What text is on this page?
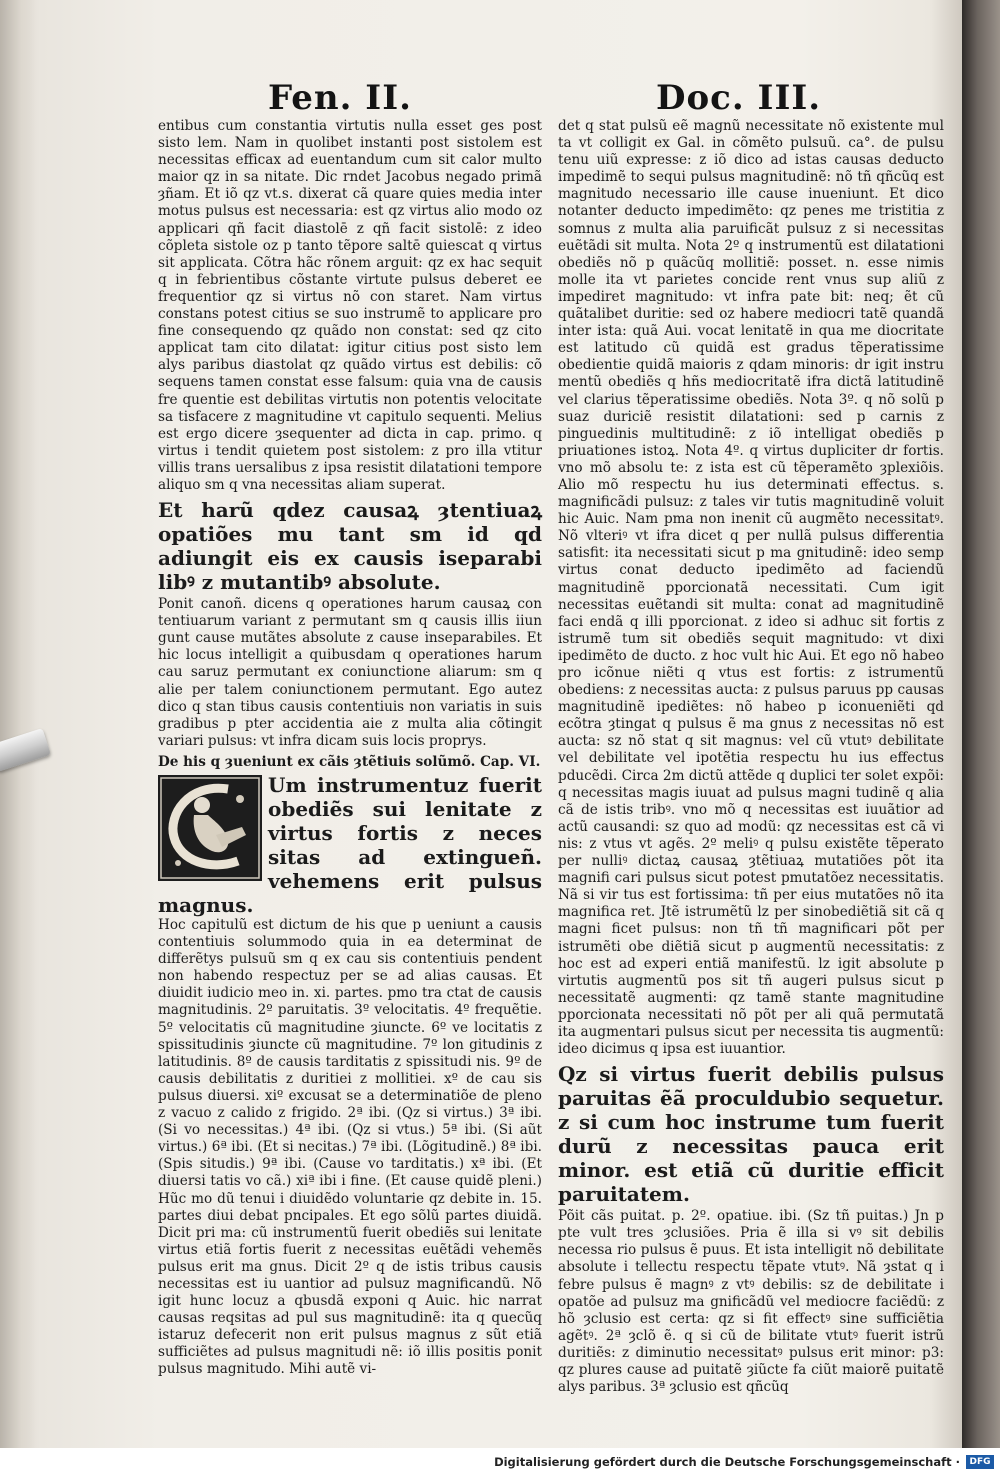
Fen. II.	Doc. III.

entibus cum constantia virtutis nulla esset ges post sisto lem. Nam in quolibet instanti post sistolem est necessitas efficax ad euentandum cum sit calor multo maior qz in sa nitate. Dic rndet Jacobus negado primã ȝñam. Et iõ qz vt.s. dixerat cã quare quies media inter motus pulsus est necessaria: est qz virtus alio modo oz applicari qñ facit diastolē z qñ facit sistolē: z ideo cõpleta sistole oz p tanto tẽpore saltē quiescat q virtus sit applicata. Cõtra hãc rõnem arguit: qz ex hac sequit q in febrientibus cõstante virtute pulsus deberet ee frequentior qz si virtus nõ con staret. Nam virtus constans potest citius se suo instrumẽ to applicare pro fine consequendo qz quãdo non constat: sed qz cito applicat tam cito dilatat: igitur citius post sisto lem alys paribus diastolat qz quãdo virtus est debilis: cõ sequens tamen constat esse falsum: quia vna de causis fre quentie est debilitas virtutis non potentis velocitate sa tisfacere z magnitudine vt capitulo sequenti. Melius est ergo dicere ȝsequenter ad dicta in cap. primo. q virtus i tendit quietem post sistolem: z pro illa vtitur villis trans uersalibus z ipsa resistit dilatationi tempore aliquo sm q vna necessitas aliam superat.

Et harũ qdez causaꝝ ȝtentiuaꝝ opatiões mu tant sm id qd adiungit eis ex causis iseparabi libꝰ z mutantibꝰ absolute.

Ponit canoñ. dicens q operationes harum causaꝝ con tentiuarum variant z permutant sm q causis illis iiun gunt cause mutãtes absolute z cause inseparabiles. Et hic locus intelligit a quibusdam q operationes harum cau saruz permutant ex coniunctione aliarum: sm q alie per talem coniunctionem permutant. Ego autez dico q stan tibus causis contentiuis non variatis in suis gradibus p pter accidentia aie z multa alia cõtingit variari pulsus: vt infra dicam suis locis proprys.

De his q ȝueniunt ex cãis ȝtẽtiuis solũmõ. Cap. VI.

Um instrumentuz fuerit obediẽs sui lenitate z virtus fortis z neces sitas ad extingueñ. vehemens erit pulsus magnus.

Hoc capitulũ est dictum de his que p ueniunt a causis contentiuis solummodo quia in ea determinat de differẽtys pulsuũ sm q ex cau sis contentiuis pendent non habendo respectuz per se ad alias causas. Et diuidit iudicio meo in. xi. partes. pmo tra ctat de causis magnitudinis. 2º paruitatis. 3º velocitatis. 4º frequẽtie. 5º velocitatis cũ magnitudine ȝiuncte. 6º ve locitatis z spissitudinis ȝiuncte cũ magnitudine. 7º lon gitudinis z latitudinis. 8º de causis tarditatis z spissitudi nis. 9º de causis debilitatis z duritiei z mollitiei. xº de cau sis pulsus diuersi. xiº excusat se a determinatiõe de pleno z vacuo z calido z frigido. 2ª ibi. (Qz si virtus.) 3ª ibi. (Si vo necessitas.) 4ª ibi. (Qz si vtus.) 5ª ibi. (Si aũt virtus.) 6ª ibi. (Et si necitas.) 7ª ibi. (Lõgitudinẽ.) 8ª ibi. (Spis situdis.) 9ª ibi. (Cause vo tarditatis.) xª ibi. (Et diuersi tatis vo cã.) xiª ibi i fine. (Et cause quidẽ pleni.) Hũc mo dũ tenui i diuidẽdo voluntarie qz debite in. 15. partes diui debat pncipales. Et ego sõlũ partes diuidã. Dicit pri ma: cũ instrumentũ fuerit obediẽs sui lenitate virtus etiã fortis fuerit z necessitas euẽtãdi vehemẽs pulsus erit ma gnus. Dicit 2º q de istis tribus causis necessitas est iu uantior ad pulsuz magnificandũ. Nõ igit hunc locuz a qbusdã exponi q Auic. hic narrat causas reqsitas ad pul sus magnitudinẽ: ita q quecũq istaruz defecerit non erit pulsus magnus z sũt etiã sufficiẽtes ad pulsus magnitudi nẽ: iõ illis positis ponit pulsus magnitudo. Mihi autẽ vi-

det q stat pulsũ eẽ magnũ necessitate nõ existente mul ta vt colligit ex Gal. in cõmẽto pulsuũ. ca°. de pulsu tenu uiũ expresse: z iõ dico ad istas causas deducto impedimẽ to sequi pulsus magnitudinẽ: nõ tñ qñcũq est magnitudo necessario ille cause inueniunt. Et dico notanter deducto impedimẽto: qz penes me tristitia z somnus z multa alia paruificãt pulsuz z si necessitas euẽtãdi sit multa. Nota 2º q instrumentũ est dilatationi obediẽs nõ p quãcũq mollitiẽ: posset. n. esse nimis molle ita vt parietes concide rent vnus sup aliũ z impediret magnitudo: vt infra pate bit: neq; ẽt cũ quãtalibet duritie: sed oz habere mediocri tatẽ quandã inter ista: quã Aui. vocat lenitatẽ in qua me diocritate est latitudo cũ quidã est gradus tẽperatissime obedientie quidã maioris z qdam minoris: dr igit instru mentũ obediẽs q hñs mediocritatẽ ifra dictã latitudinẽ vel clarius tẽperatissime obediẽs. Nota 3º. q nõ solũ p suaz duriciẽ resistit dilatationi: sed p carnis z pinguedinis multitudinẽ: z iõ intelligat obediẽs p priuationes istoꝝ. Nota 4º. q virtus dupliciter dr fortis. vno mõ absolu te: z ista est cũ tẽperamẽto ȝplexiõis. Alio mõ respectu hu ius determinati effectus. s. magnificãdi pulsuz: z tales vir tutis magnitudinẽ voluit hic Auic. Nam pma non inenit cũ augmẽto necessitatꝰ. Nõ vlteriꝰ vt ifra dicet q per nullã pulsus differentia satisfit: ita necessitati sicut p ma gnitudinẽ: ideo semp virtus conat deducto ipedimẽto ad faciendũ magnitudinẽ pporcionatã necessitati. Cum igit necessitas euẽtandi sit multa: conat ad magnitudinẽ faci endã q illi pporcionat. z ideo si adhuc sit fortis z istrumẽ tum sit obediẽs sequit magnitudo: vt dixi ipedimẽto de ducto. z hoc vult hic Aui. Et ego nõ habeo pro icõnue niẽti q vtus est fortis: z istrumentũ obediens: z necessitas aucta: z pulsus paruus pp causas magnitudinẽ ipediẽtes: nõ habeo p iconueniẽti qd ecõtra ȝtingat q pulsus ẽ ma gnus z necessitas nõ est aucta: sz nõ stat q sit magnus: vel cũ vtutꝰ debilitate vel debilitate vel ipotẽtia respectu hu ius effectus pducẽdi. Circa 2m dictũ attẽde q duplici ter solet expõi: q necessitas magis iuuat ad pulsus magni tudinẽ q alia cã de istis tribꝰ. vno mõ q necessitas est iuuãtior ad actũ causandi: sz quo ad modũ: qz necessitas est cã vi nis: z vtus vt agẽs. 2º meliꝰ q pulsu existẽte tẽperato per nulliꝰ dictaꝝ causaꝝ ȝtẽtiuaꝝ mutatiões põt ita magnifi cari pulsus sicut potest pmutatõez necessitatis. Nã si vir tus est fortissima: tñ per eius mutatões nõ ita magnifica ret. Jtẽ istrumẽtũ lz per sinobediẽtiã sit cã q magni ficet pulsus: non tñ tñ magnificari põt per istrumẽti obe diẽtiã sicut p augmentũ necessitatis: z hoc est ad experi entiã manifestũ. lz igit absolute p virtutis augmentũ pos sit tñ augeri pulsus sicut p necessitatẽ augmenti: qz tamẽ stante magnitudine pporcionata necessitati nõ põt per ali quã permutatã ita augmentari pulsus sicut per necessita tis augmentũ: ideo dicimus q ipsa est iuuantior.

Qz si virtus fuerit debilis pulsus paruitas ẽã proculdubio sequetur. z si cum hoc instrume tum fuerit durũ z necessitas pauca erit minor. est etiã cũ duritie efficit paruitatem.

Põit cãs puitat. p. 2º. opatiue. ibi. (Sz tñ puitas.) Jn p pte vult tres ȝclusiões. Pria ẽ illa si vꝰ sit debilis necessa rio pulsus ẽ puus. Et ista intelligit nõ debilitate absolute i tellectu respectu tẽpate vtutꝰ. Nã ȝstat q i febre pulsus ẽ magnꝰ z vtꝰ debilis: sz de debilitate i opatõe ad pulsuz ma gnificãdũ vel mediocre faciẽdũ: z hõ ȝclusio est certa: qz si fit effectꝰ sine sufficiẽtia agẽtꝰ. 2ª ȝclõ ẽ. q si cũ de bilitate vtutꝰ fuerit istrũ duritiẽs: z diminutio necessitatꝰ pulsus erit minor: p3: qz plures cause ad puitatẽ ȝiũcte fa ciũt maiorẽ puitatẽ alys paribus. 3ª ȝclusio est qñcũq

Digitalisierung gefördert durch die Deutsche Forschungsgemeinschaft ·	DFG
